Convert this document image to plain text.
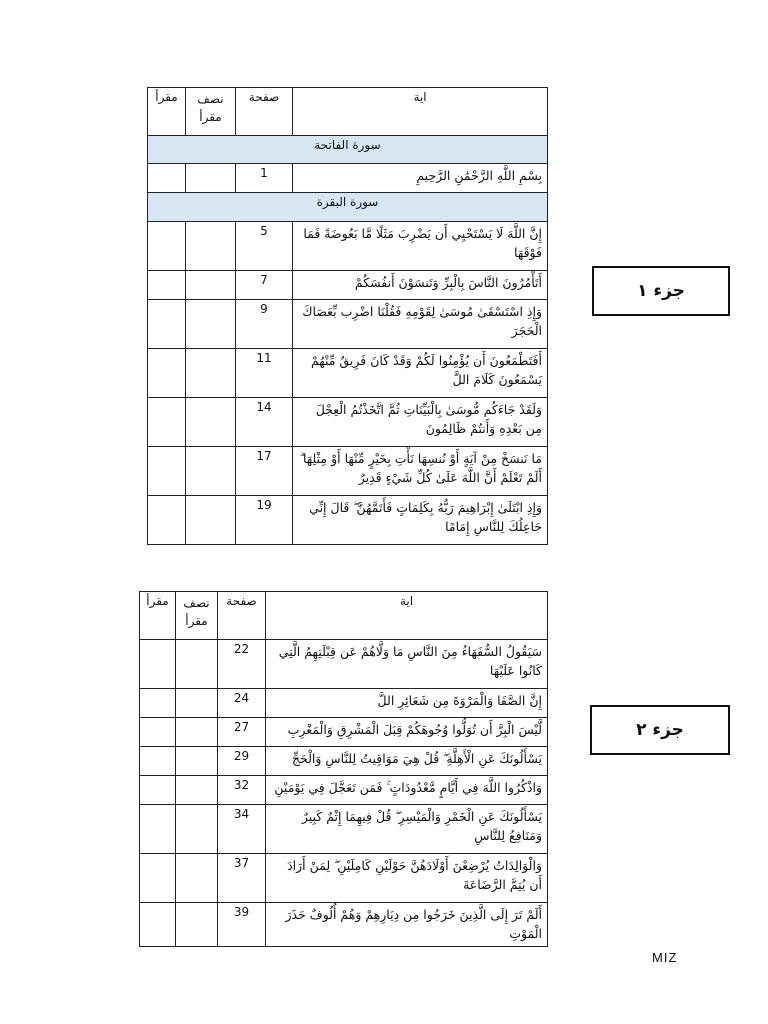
مقرأ	نصف مقرأ	صفحة	اية
سورة الفاتحة			
		1	بِسْمِ اللَّهِ الرَّحْمَٰنِ الرَّحِيمِ
سورة البقرة			
		5	إِنَّ اللَّهَ لَا يَسْتَحْيِي أَن يَضْرِبَ مَثَلًا مَّا بَعُوضَةً فَمَا فَوْقَهَا
		7	أَتَأْمُرُونَ النَّاسَ بِالْبِرِّ وَتَنسَوْنَ أَنفُسَكُمْ
		9	وَإِذِ اسْتَسْقَىٰ مُوسَىٰ لِقَوْمِهِ فَقُلْنَا اضْرِب بِّعَصَاكَ الْحَجَرَ
		11	أَفَتَطْمَعُونَ أَن يُؤْمِنُوا لَكُمْ وَقَدْ كَانَ فَرِيقٌ مِّنْهُمْ يَسْمَعُونَ كَلَامَ اللَّ
		14	وَلَقَدْ جَاءَكُم مُّوسَىٰ بِالْبَيِّنَاتِ ثُمَّ اتَّخَذْتُمُ الْعِجْلَ مِن بَعْدِهِ وَأَنتُمْ ظَالِمُونَ
		17	مَا نَنسَخْ مِنْ آيَةٍ أَوْ نُنسِهَا نَأْتِ بِخَيْرٍ مِّنْهَا أَوْ مِثْلِهَا ۗ أَلَمْ تَعْلَمْ أَنَّ اللَّهَ عَلَىٰ كُلِّ شَيْءٍ قَدِيرٌ
		19	وَإِذِ ابْتَلَىٰ إِبْرَاهِيمَ رَبُّهُ بِكَلِمَاتٍ فَأَتَمَّهُنَّ ۖ قَالَ إِنِّي جَاعِلُكَ لِلنَّاسِ إِمَامًا
جزء ١
مقرأ	نصف مقرأ	صفحة	اية
		22	سَيَقُولُ السُّفَهَاءُ مِنَ النَّاسِ مَا وَلَّاهُمْ عَن قِبْلَتِهِمُ الَّتِي كَانُوا عَلَيْهَا
		24	إِنَّ الصَّفَا وَالْمَرْوَةَ مِن شَعَائِرِ اللَّ
		27	لَّيْسَ الْبِرَّ أَن تُوَلُّوا وُجُوهَكُمْ قِبَلَ الْمَشْرِقِ وَالْمَغْرِبِ
		29	يَسْأَلُونَكَ عَنِ الْأَهِلَّةِ ۖ قُلْ هِيَ مَوَاقِيتُ لِلنَّاسِ وَالْحَجِّ
		32	وَاذْكُرُوا اللَّهَ فِي أَيَّامٍ مَّعْدُودَاتٍ ۚ فَمَن تَعَجَّلَ فِي يَوْمَيْنِ
		34	يَسْأَلُونَكَ عَنِ الْخَمْرِ وَالْمَيْسِرِ ۖ قُلْ فِيهِمَا إِثْمٌ كَبِيرٌ وَمَنَافِعُ لِلنَّاسِ
		37	وَالْوَالِدَاتُ يُرْضِعْنَ أَوْلَادَهُنَّ حَوْلَيْنِ كَامِلَيْنِ ۖ لِمَنْ أَرَادَ أَن يُتِمَّ الرَّضَاعَةَ
		39	أَلَمْ تَرَ إِلَى الَّذِينَ خَرَجُوا مِن دِيَارِهِمْ وَهُمْ أُلُوفٌ حَذَرَ الْمَوْتِ
جزء ٢
MIZ
